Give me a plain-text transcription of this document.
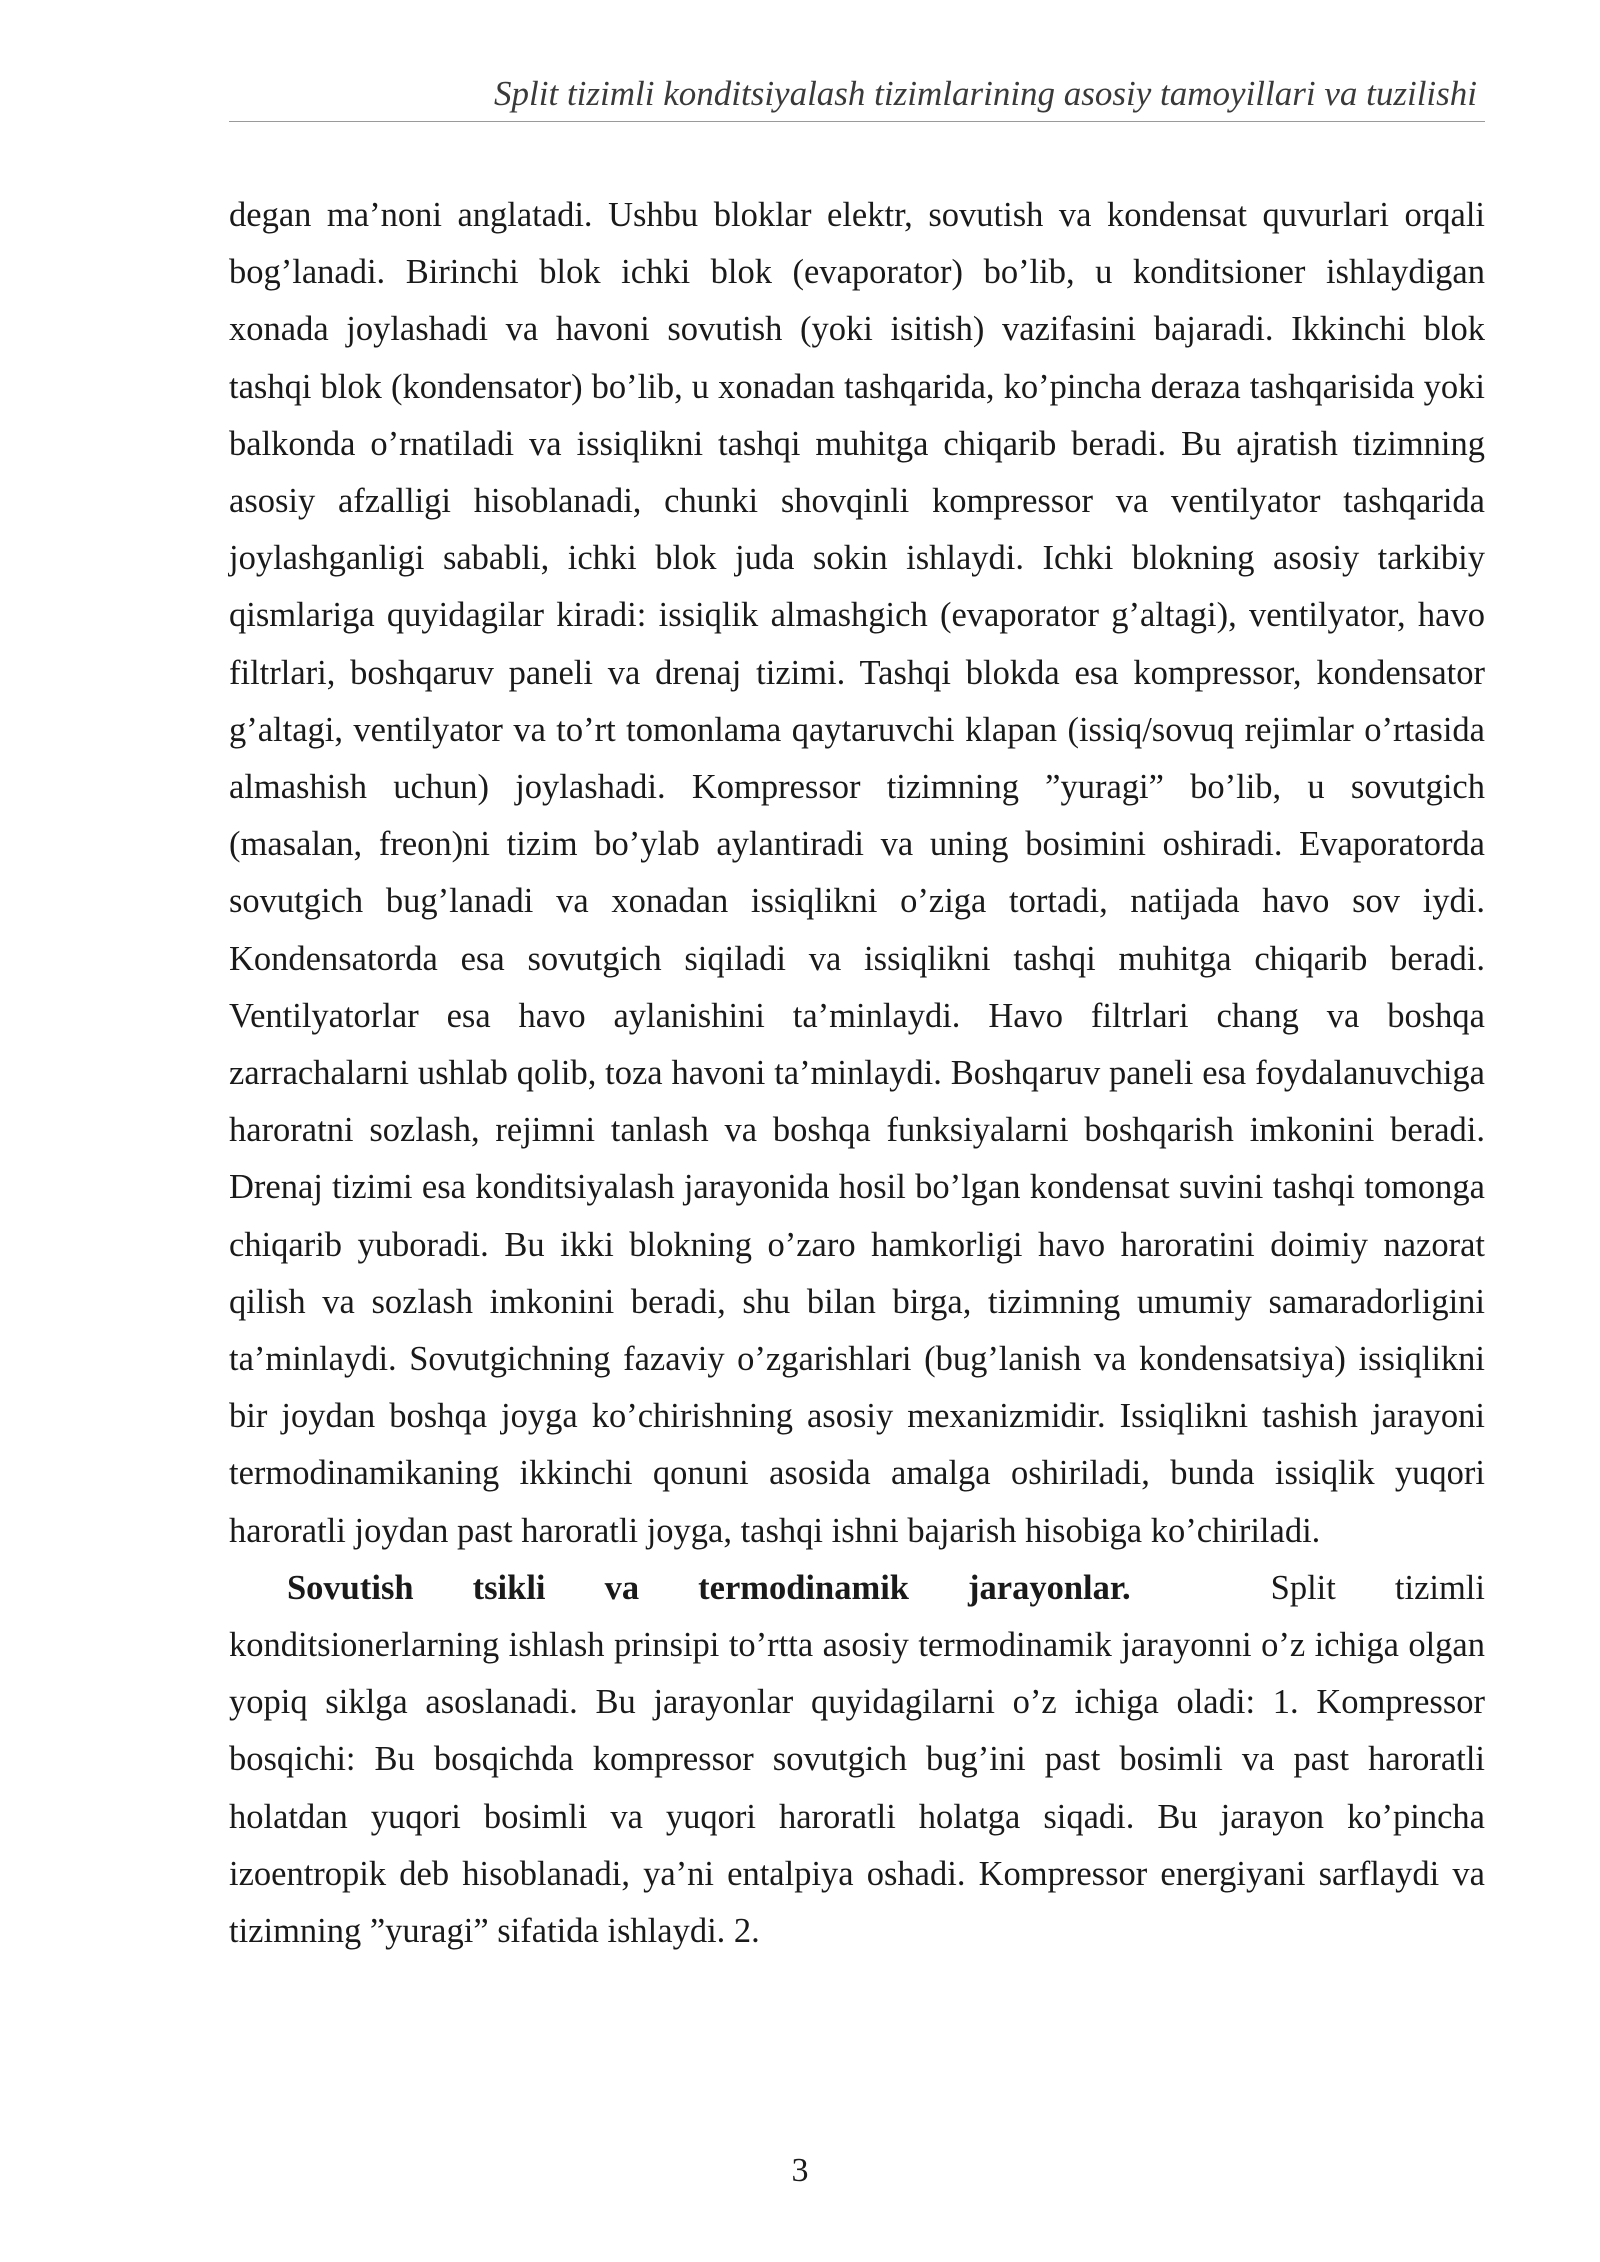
Split tizimli konditsiyalash tizimlarining asosiy tamoyillari va tuzilishi

degan ma’noni anglatadi. Ushbu bloklar elektr, sovutish va kondensat quvurlari orqali bog’lanadi. Birinchi blok ichki blok (evaporator) bo’lib, u konditsioner ishlaydigan xonada joylashadi va havoni sovutish (yoki isitish) vazifasini bajaradi. Ikkinchi blok tashqi blok (kondensator) bo’lib, u xonadan tashqarida, ko’pincha deraza tashqarisida yoki balkonda o’rnatiladi va issiqlikni tashqi muhitga chiqarib beradi. Bu ajratish tizimning asosiy afzalligi hisoblanadi, chunki shovqinli kompressor va ventilyator tashqarida joylashganligi sababli, ichki blok juda sokin ishlaydi. Ichki blokning asosiy tarkibiy qismlariga quyidagilar kiradi: issiqlik almashgich (evaporator g’altagi), ventilyator, havo filtrlari, boshqaruv paneli va drenaj tizimi. Tashqi blokda esa kompressor, kondensator g’altagi, ventilyator va to’rt tomonlama qaytaruvchi klapan (issiq/sovuq rejimlar o’rtasida almashish uchun) joylashadi. Kompressor tizimning ”yuragi” bo’lib, u sovutgich (masalan, freon)ni tizim bo’ylab aylantiradi va uning bosimini oshiradi. Evaporatorda sovutgich bug’lanadi va xonadan issiqlikni o’ziga tortadi, natijada havo sov iydi. Kondensatorda esa sovutgich siqiladi va issiqlikni tashqi muhitga chiqarib beradi. Ventilyatorlar esa havo aylanishini ta’minlaydi. Havo filtrlari chang va boshqa zarrachalarni ushlab qolib, toza havoni ta’minlaydi. Boshqaruv paneli esa foydalanuvchiga haroratni sozlash, rejimni tanlash va boshqa funksiyalarni boshqarish imkonini beradi. Drenaj tizimi esa konditsiyalash jarayonida hosil bo’lgan kondensat suvini tashqi tomonga chiqarib yuboradi. Bu ikki blokning o’zaro hamkorligi havo haroratini doimiy nazorat qilish va sozlash imkonini beradi, shu bilan birga, tizimning umumiy samaradorligini ta’minlaydi. Sovutgichning fazaviy o’zgarishlari (bug’lanish va kondensatsiya) issiqlikni bir joydan boshqa joyga ko’chirishning asosiy mexanizmidir. Issiqlikni tashish jarayoni termodinamikaning ikkinchi qonuni asosida amalga oshiriladi, bunda issiqlik yuqori haroratli joydan past haroratli joyga, tashqi ishni bajarish hisobiga ko’chiriladi.

Sovutish tsikli va termodinamik jarayonlar.	Split tizimli konditsionerlarning ishlash prinsipi to’rtta asosiy termodinamik jarayonni o’z ichiga olgan yopiq siklga asoslanadi. Bu jarayonlar quyidagilarni o’z ichiga oladi: 1. Kompressor bosqichi: Bu bosqichda kompressor sovutgich bug’ini past bosimli va past haroratli holatdan yuqori bosimli va yuqori haroratli holatga siqadi. Bu jarayon ko’pincha izoentropik deb hisoblanadi, ya’ni entalpiya oshadi. Kompressor energiyani sarflaydi va tizimning ”yuragi” sifatida ishlaydi. 2.

3
